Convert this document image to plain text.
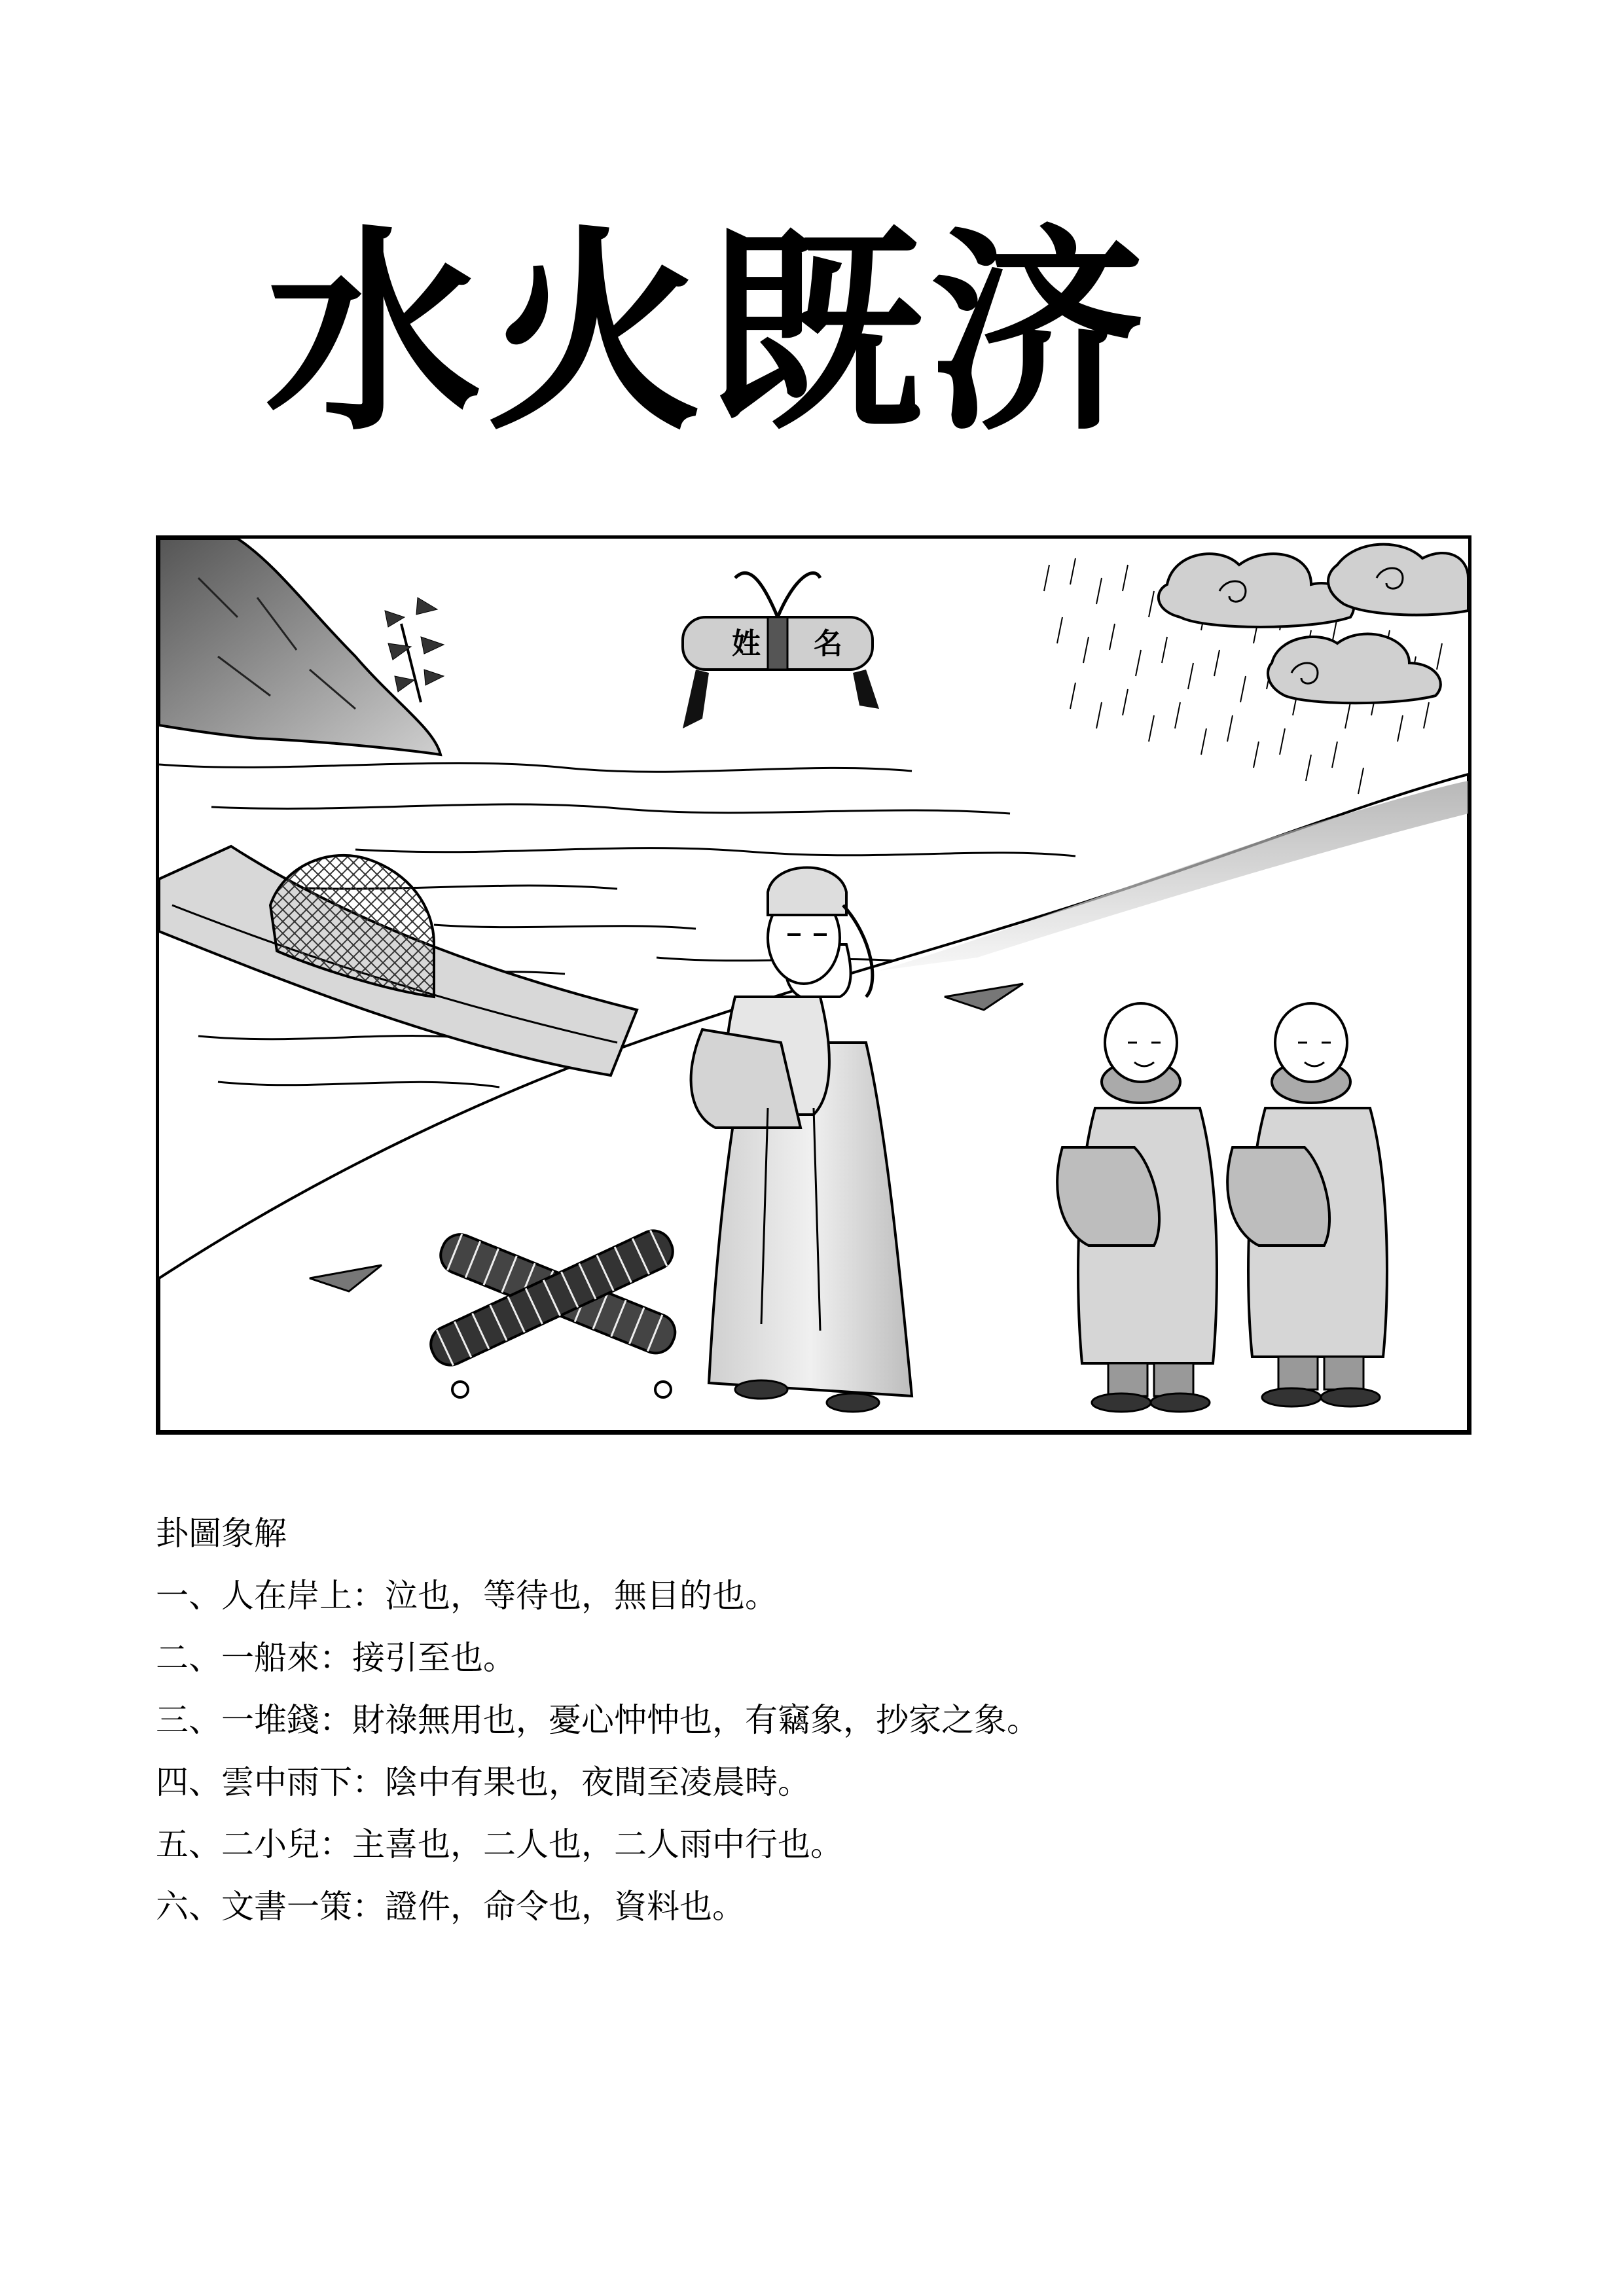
水火既济
姓 名
卦圖象解
一、人在岸上：泣也，等待也，無目的也。
二、一船來：接引至也。
三、一堆錢：財祿無用也，憂心忡忡也，有竊象，抄家之象。
四、雲中雨下：陰中有果也，夜間至凌晨時。
五、二小兒：主喜也，二人也，二人雨中行也。
六、文書一策：證件，命令也，資料也。
